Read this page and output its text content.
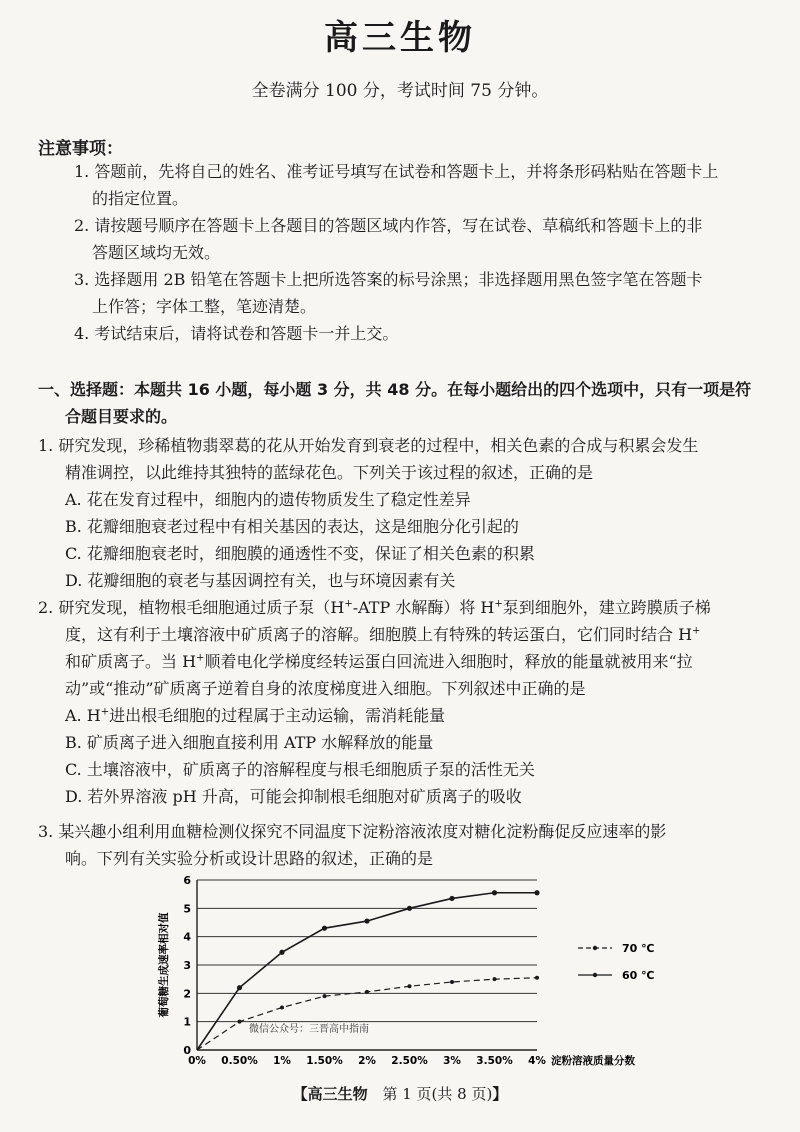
高三生物
全卷满分 100 分，考试时间 75 分钟。
注意事项：
1. 答题前，先将自己的姓名、准考证号填写在试卷和答题卡上，并将条形码粘贴在答题卡上
的指定位置。
2. 请按题号顺序在答题卡上各题目的答题区域内作答，写在试卷、草稿纸和答题卡上的非
答题区域均无效。
3. 选择题用 2B 铅笔在答题卡上把所选答案的标号涂黑；非选择题用黑色签字笔在答题卡
上作答；字体工整，笔迹清楚。
4. 考试结束后，请将试卷和答题卡一并上交。
一、选择题：本题共 16 小题，每小题 3 分，共 48 分。在每小题给出的四个选项中，只有一项是符
合题目要求的。
1. 研究发现，珍稀植物翡翠葛的花从开始发育到衰老的过程中，相关色素的合成与积累会发生
精准调控，以此维持其独特的蓝绿花色。下列关于该过程的叙述，正确的是
A. 花在发育过程中，细胞内的遗传物质发生了稳定性差异
B. 花瓣细胞衰老过程中有相关基因的表达，这是细胞分化引起的
C. 花瓣细胞衰老时，细胞膜的通透性不变，保证了相关色素的积累
D. 花瓣细胞的衰老与基因调控有关，也与环境因素有关
2. 研究发现，植物根毛细胞通过质子泵（H+-ATP 水解酶）将 H+泵到细胞外，建立跨膜质子梯
度，这有利于土壤溶液中矿质离子的溶解。细胞膜上有特殊的转运蛋白，它们同时结合 H+
和矿质离子。当 H+顺着电化学梯度经转运蛋白回流进入细胞时，释放的能量就被用来“拉
动”或“推动”矿质离子逆着自身的浓度梯度进入细胞。下列叙述中正确的是
A. H+进出根毛细胞的过程属于主动运输，需消耗能量
B. 矿质离子进入细胞直接利用 ATP 水解释放的能量
C. 土壤溶液中，矿质离子的溶解程度与根毛细胞质子泵的活性无关
D. 若外界溶液 pH 升高，可能会抑制根毛细胞对矿质离子的吸收
3. 某兴趣小组利用血糖检测仪探究不同温度下淀粉溶液浓度对糖化淀粉酶促反应速率的影
响。下列有关实验分析或设计思路的叙述，正确的是
0
1
2
3
4
5
6
0% 0.50% 1% 1.50% 2% 2.50% 3% 3.50% 4% 淀粉溶液质量分数
葡萄糖生成速率相对值	70 ℃
60 ℃
微信公众号：三晋高中指南
【高三生物 第 1 页(共 8 页)】
